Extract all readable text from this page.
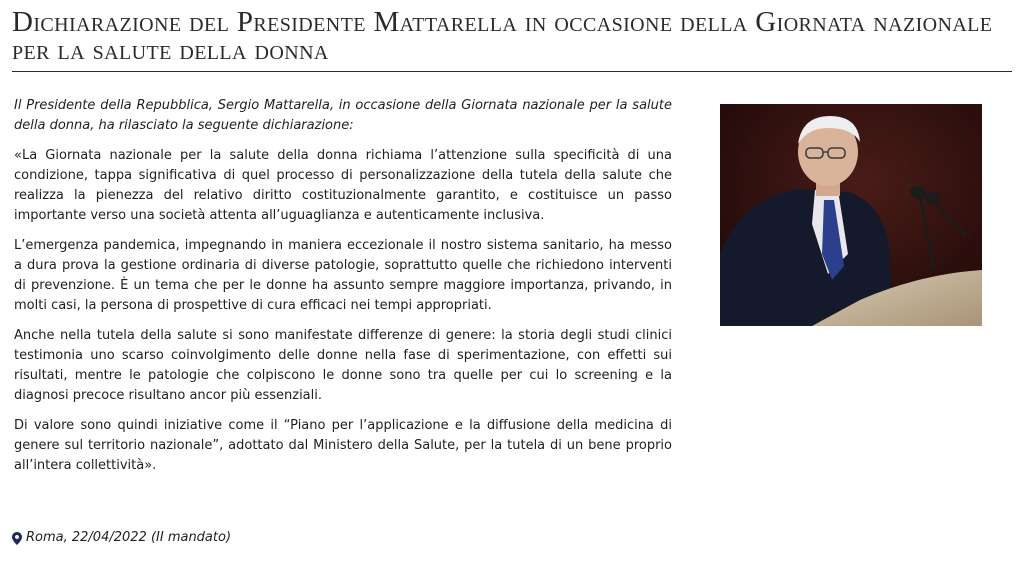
Dichiarazione del Presidente Mattarella in occasione della Giornata nazionale per la salute della donna

Il Presidente della Repubblica, Sergio Mattarella, in occasione della Giornata nazionale per la salute della donna, ha rilasciato la seguente dichiarazione:

«La Giornata nazionale per la salute della donna richiama l’attenzione sulla specificità di una condizione, tappa significativa di quel processo di personalizzazione della tutela della salute che realizza la pienezza del relativo diritto costituzionalmente garantito, e costituisce un passo importante verso una società attenta all’uguaglianza e autenticamente inclusiva.

L’emergenza pandemica, impegnando in maniera eccezionale il nostro sistema sanitario, ha messo a dura prova la gestione ordinaria di diverse patologie, soprattutto quelle che richiedono interventi di prevenzione. È un tema che per le donne ha assunto sempre maggiore importanza, privando, in molti casi, la persona di prospettive di cura efficaci nei tempi appropriati.

Anche nella tutela della salute si sono manifestate differenze di genere: la storia degli studi clinici testimonia uno scarso coinvolgimento delle donne nella fase di sperimentazione, con effetti sui risultati, mentre le patologie che colpiscono le donne sono tra quelle per cui lo screening e la diagnosi precoce risultano ancor più essenziali.

Di valore sono quindi iniziative come il “Piano per l’applicazione e la diffusione della medicina di genere sul territorio nazionale”, adottato dal Ministero della Salute, per la tutela di un bene proprio all’intera collettività».

Roma, 22/04/2022 (II mandato)
